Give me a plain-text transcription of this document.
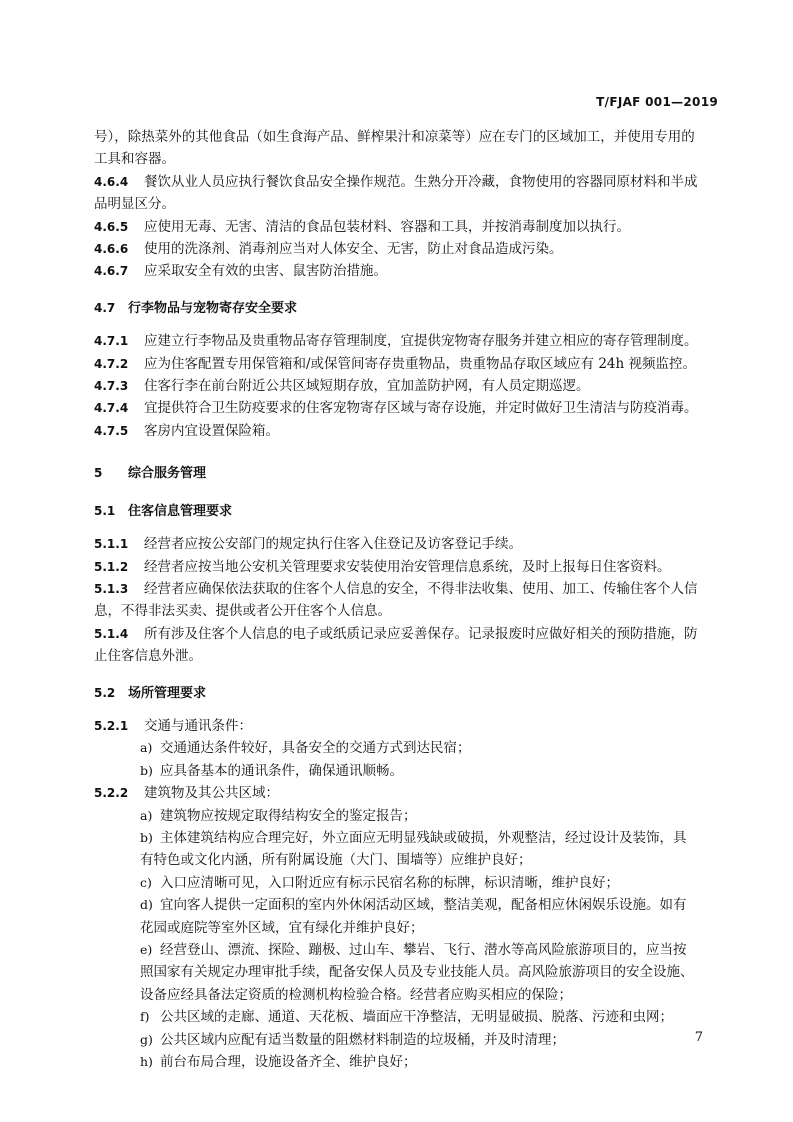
T/FJAF 001—2019

号），除热菜外的其他食品（如生食海产品、鲜榨果汁和凉菜等）应在专门的区域加工，并使用专用的

工具和容器。

4.6.4 餐饮从业人员应执行餐饮食品安全操作规范。生熟分开冷藏，食物使用的容器同原材料和半成

品明显区分。

4.6.5 应使用无毒、无害、清洁的食品包装材料、容器和工具，并按消毒制度加以执行。

4.6.6 使用的洗涤剂、消毒剂应当对人体安全、无害，防止对食品造成污染。

4.6.7 应采取安全有效的虫害、鼠害防治措施。

4.7 行李物品与宠物寄存安全要求

4.7.1 应建立行李物品及贵重物品寄存管理制度，宜提供宠物寄存服务并建立相应的寄存管理制度。

4.7.2 应为住客配置专用保管箱和/或保管间寄存贵重物品，贵重物品存取区域应有 24h 视频监控。

4.7.3 住客行李在前台附近公共区域短期存放，宜加盖防护网，有人员定期巡逻。

4.7.4 宜提供符合卫生防疫要求的住客宠物寄存区域与寄存设施，并定时做好卫生清洁与防疫消毒。

4.7.5 客房内宜设置保险箱。

5 综合服务管理

5.1 住客信息管理要求

5.1.1 经营者应按公安部门的规定执行住客入住登记及访客登记手续。

5.1.2 经营者应按当地公安机关管理要求安装使用治安管理信息系统，及时上报每日住客资料。

5.1.3 经营者应确保依法获取的住客个人信息的安全，不得非法收集、使用、加工、传输住客个人信

息，不得非法买卖、提供或者公开住客个人信息。

5.1.4 所有涉及住客个人信息的电子或纸质记录应妥善保存。记录报废时应做好相关的预防措施，防

止住客信息外泄。

5.2 场所管理要求

5.2.1 交通与通讯条件：

a) 交通通达条件较好，具备安全的交通方式到达民宿；

b) 应具备基本的通讯条件，确保通讯顺畅。

5.2.2 建筑物及其公共区域：

a) 建筑物应按规定取得结构安全的鉴定报告；

b) 主体建筑结构应合理完好，外立面应无明显残缺或破损，外观整洁，经过设计及装饰，具

有特色或文化内涵，所有附属设施（大门、围墙等）应维护良好；

c) 入口应清晰可见，入口附近应有标示民宿名称的标牌，标识清晰，维护良好；

d) 宜向客人提供一定面积的室内外休闲活动区域，整洁美观，配备相应休闲娱乐设施。如有

花园或庭院等室外区域，宜有绿化并维护良好；

e) 经营登山、漂流、探险、蹦极、过山车、攀岩、飞行、潜水等高风险旅游项目的，应当按

照国家有关规定办理审批手续，配备安保人员及专业技能人员。高风险旅游项目的安全设施、

设备应经具备法定资质的检测机构检验合格。经营者应购买相应的保险；

f) 公共区域的走廊、通道、天花板、墙面应干净整洁，无明显破损、脱落、污迹和虫网；

g) 公共区域内应配有适当数量的阻燃材料制造的垃圾桶，并及时清理；

h) 前台布局合理，设施设备齐全、维护良好；

7
